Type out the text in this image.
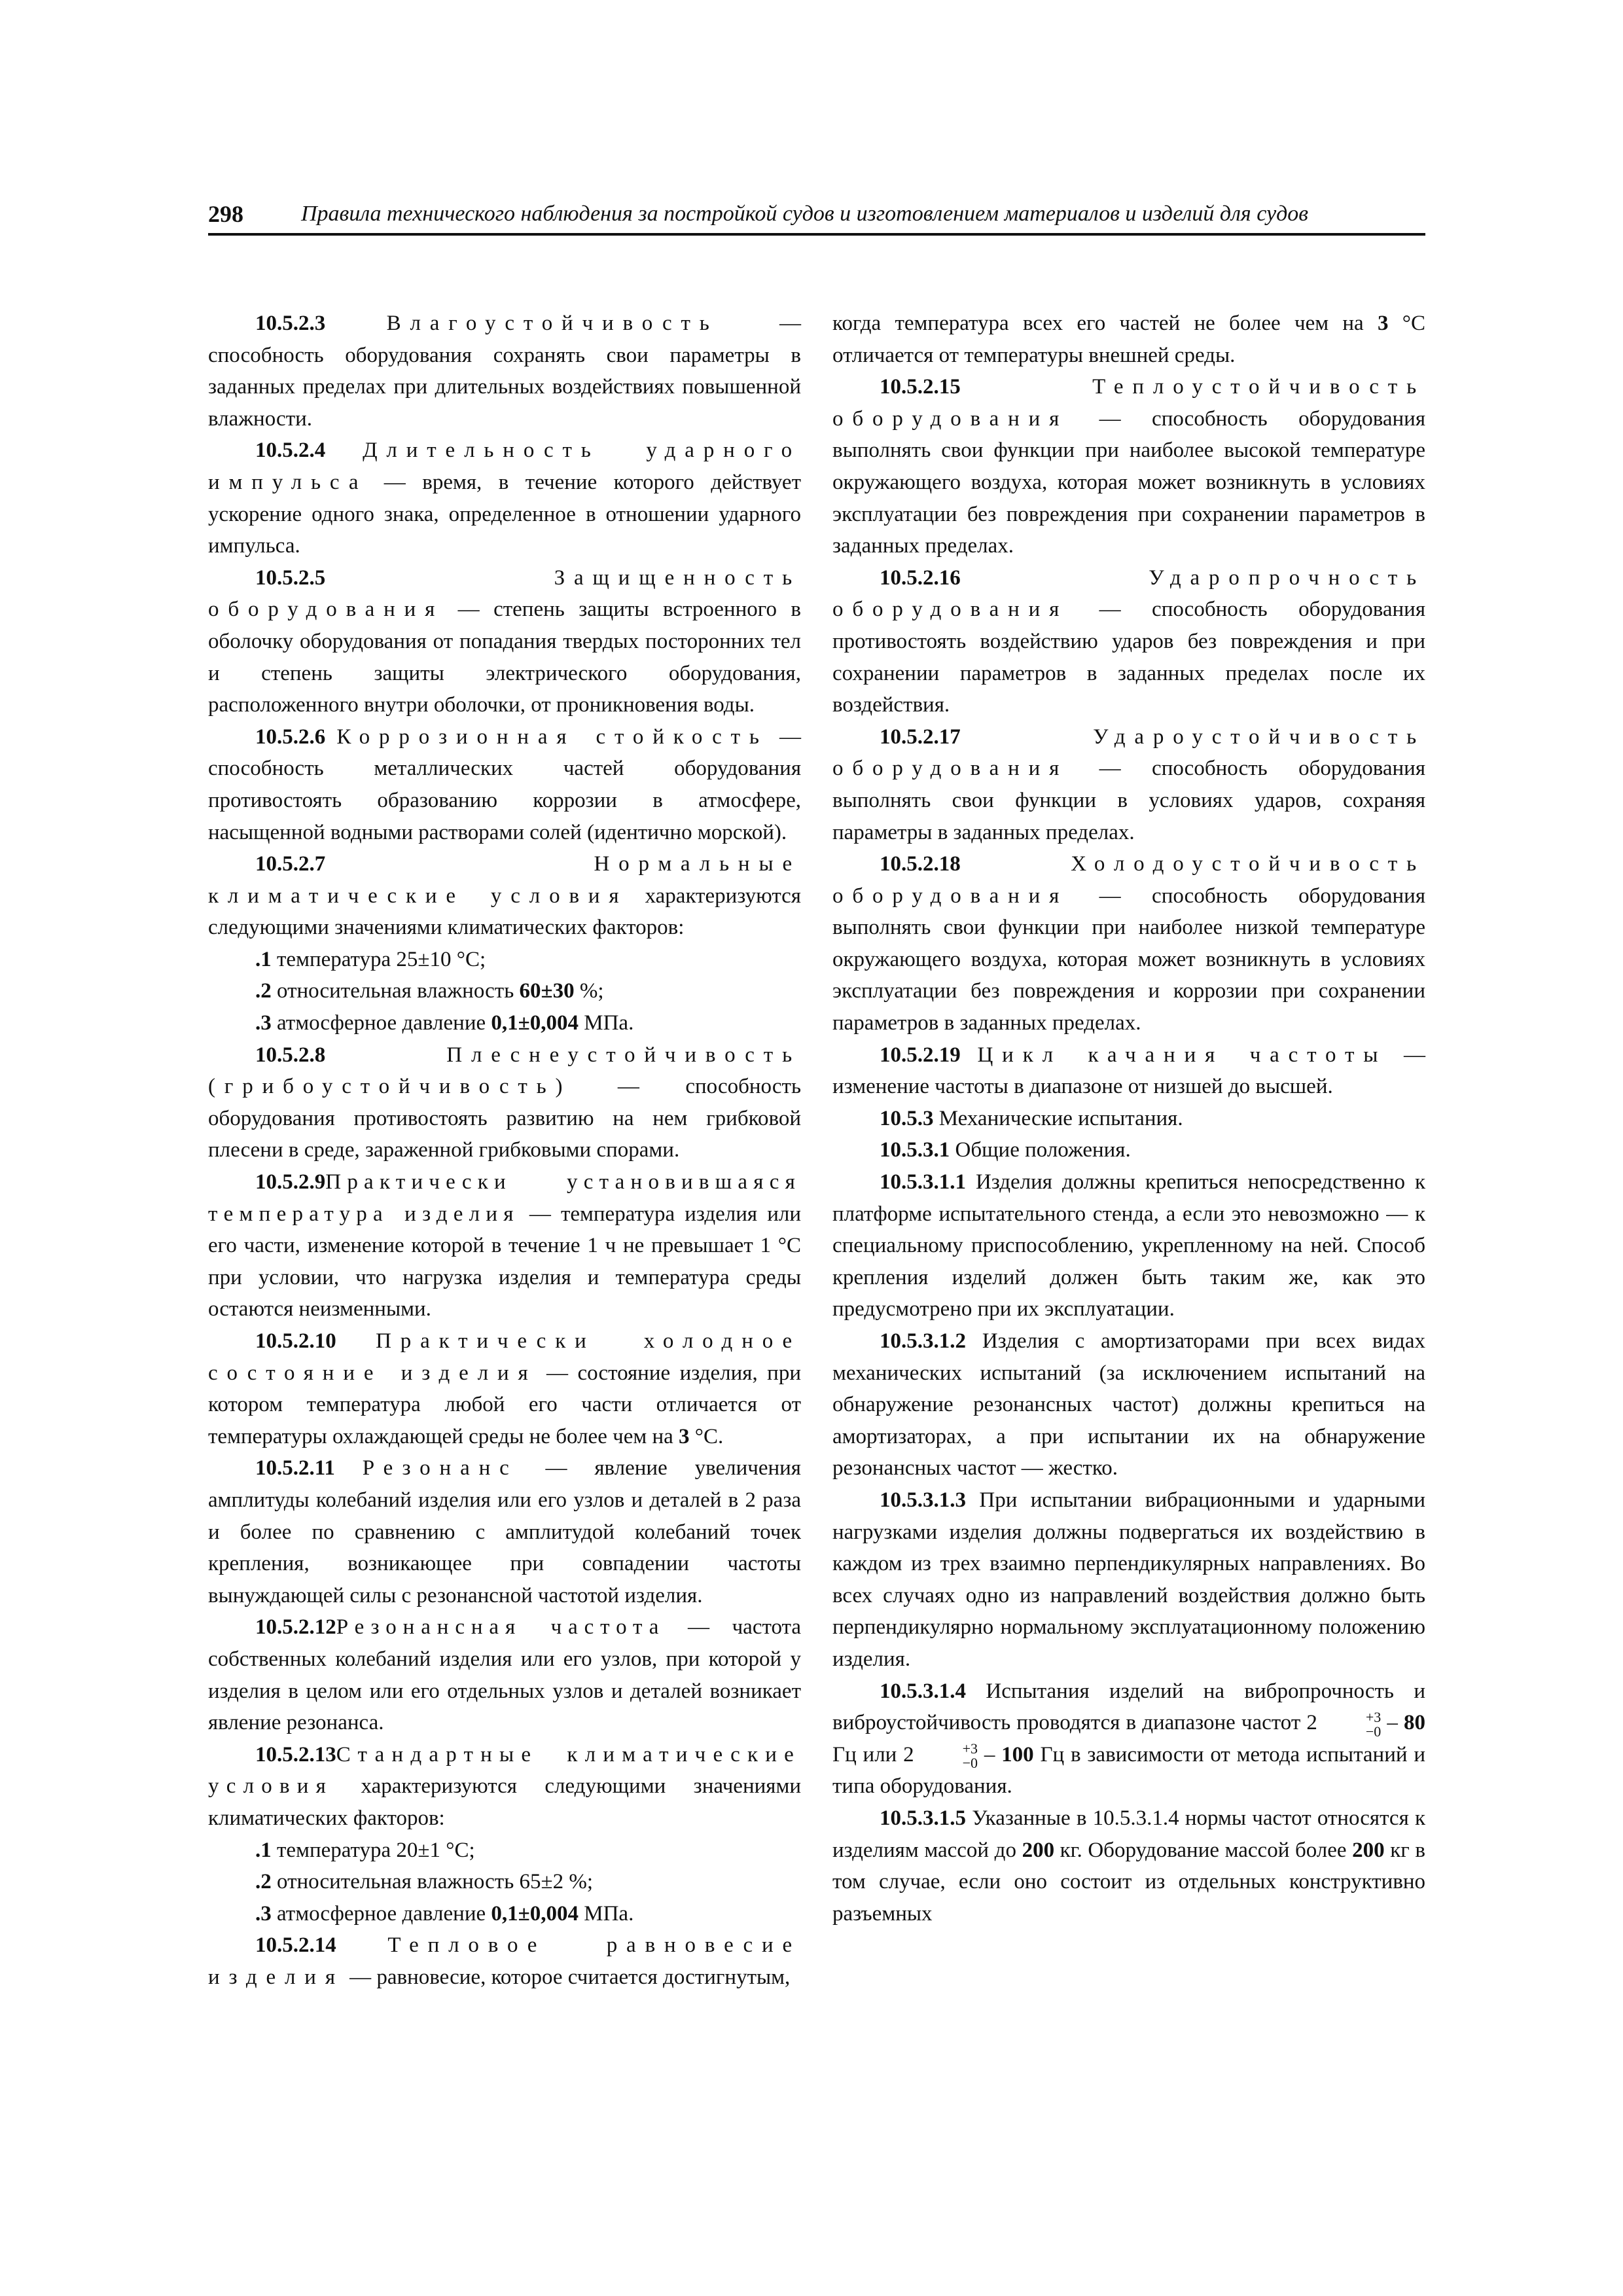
298	Правила технического наблюдения за постройкой судов и изготовлением материалов и изделий для судов

10.5.2.3	Влагоустойчивость — способность оборудования сохранять свои параметры в заданных пределах при длительных воздействиях повышенной влажности.

10.5.2.4 Длительность ударного импульса — время, в течение которого действует ускорение одного знака, определенное в отношении ударного импульса.

10.5.2.5	Защищенность оборудования — степень защиты встроенного в оболочку оборудования от попадания твердых посторонних тел и степень защиты электрического оборудования, расположенного внутри оболочки, от проникновения воды.

10.5.2.6 Коррозионная стойкость — способность металлических частей оборудования противостоять образованию коррозии в атмосфере, насыщенной водными растворами солей (идентично морской).

10.5.2.7	Нормальные климатические условия характеризуются следующими значениями климатических факторов:

.1 температура 25±10 °С;

.2 относительная влажность 60±30 %;

.3 атмосферное давление 0,1±0,004 МПа.

10.5.2.8	Плеснеустойчивость (грибоустойчивость) — способность оборудования противостоять развитию на нем грибковой плесени в среде, зараженной грибковыми спорами.

10.5.2.9Практически установившаяся температура изделия — температура изделия или его части, изменение которой в течение 1 ч не превышает 1 °С при условии, что нагрузка изделия и температура среды остаются неизменными.

10.5.2.10 Практически холодное состояние изделия — состояние изделия, при котором температура любой его части отличается от температуры охлаждающей среды не более чем на 3 °С.

10.5.2.11 Резонанс — явление увеличения амплитуды колебаний изделия или его узлов и деталей в 2 раза и более по сравнению с амплитудой колебаний точек крепления, возникающее при совпадении частоты вынуждающей силы с резонансной частотой изделия.

10.5.2.12Резонансная частота — частота собственных колебаний изделия или его узлов, при которой у изделия в целом или его отдельных узлов и деталей возникает явление резонанса.

10.5.2.13Стандартные климатические условия характеризуются следующими значениями климатических факторов:

.1 температура 20±1 °С;

.2 относительная влажность 65±2 %;

.3 атмосферное давление 0,1±0,004 МПа.

10.5.2.14 Тепловое равновесие изделия — равновесие, которое считается достигнутым,

когда температура всех его частей не более чем на 3 °С отличается от температуры внешней среды.

10.5.2.15	Теплоустойчивость оборудования — способность оборудования выполнять свои функции при наиболее высокой температуре окружающего воздуха, которая может возникнуть в условиях эксплуатации без повреждения при сохранении параметров в заданных пределах.

10.5.2.16	Ударопрочность оборудования — способность оборудования противостоять воздействию ударов без повреждения и при сохранении параметров в заданных пределах после их воздействия.

10.5.2.17	Удароустойчивость оборудования — способность оборудования выполнять свои функции в условиях ударов, сохраняя параметры в заданных пределах.

10.5.2.18	Холодоустойчивость оборудования — способность оборудования выполнять свои функции при наиболее низкой температуре окружающего воздуха, которая может возникнуть в условиях эксплуатации без повреждения и коррозии при сохранении параметров в заданных пределах.

10.5.2.19 Цикл качания частоты — изменение частоты в диапазоне от низшей до высшей.

10.5.3 Механические испытания.

10.5.3.1 Общие положения.

10.5.3.1.1 Изделия должны крепиться непосредственно к платформе испытательного стенда, а если это невозможно — к специальному приспособлению, укрепленному на ней. Способ крепления изделий должен быть таким же, как это предусмотрено при их эксплуатации.

10.5.3.1.2 Изделия с амортизаторами при всех видах механических испытаний (за исключением испытаний на обнаружение резонансных частот) должны крепиться на амортизаторах, а при испытании их на обнаружение резонансных частот — жестко.

10.5.3.1.3 При испытании вибрационными и ударными нагрузками изделия должны подвергаться их воздействию в каждом из трех взаимно перпендикулярных направлениях. Во всех случаях одно из направлений воздействия должно быть перпендикулярно нормальному эксплуатационному положению изделия.

10.5.3.1.4 Испытания изделий на вибропрочность и виброустойчивость проводятся в диапазоне частот 2	+3
−0 – 80 Гц или 2	+3
−0 – 100 Гц в зависимости от метода испытаний и типа оборудования.

10.5.3.1.5 Указанные в 10.5.3.1.4 нормы частот относятся к изделиям массой до 200 кг. Оборудование массой более 200 кг в том случае, если оно состоит из отдельных конструктивно разъемных
